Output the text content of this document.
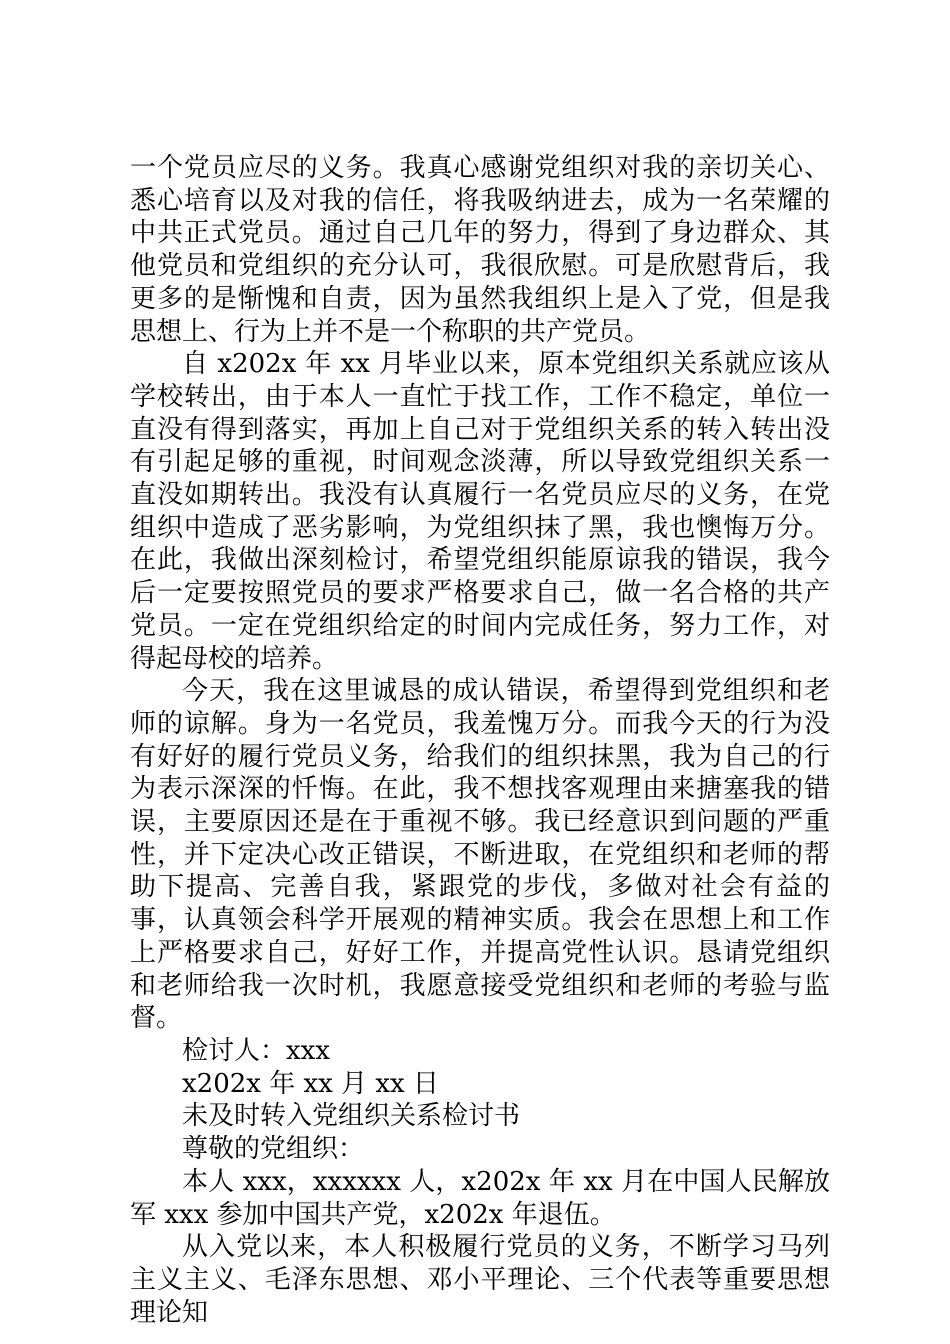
一个党员应尽的义务。我真心感谢党组织对我的亲切关心、悉心培育以及对我的信任，将我吸纳进去，成为一名荣耀的中共正式党员。通过自己几年的努力，得到了身边群众、其他党员和党组织的充分认可，我很欣慰。可是欣慰背后，我更多的是惭愧和自责，因为虽然我组织上是入了党，但是我思想上、行为上并不是一个称职的共产党员。

自 x202x 年 xx 月毕业以来，原本党组织关系就应该从学校转出，由于本人一直忙于找工作，工作不稳定，单位一直没有得到落实，再加上自己对于党组织关系的转入转出没有引起足够的重视，时间观念淡薄，所以导致党组织关系一直没如期转出。我没有认真履行一名党员应尽的义务，在党组织中造成了恶劣影响，为党组织抹了黑，我也懊悔万分。在此，我做出深刻检讨，希望党组织能原谅我的错误，我今后一定要按照党员的要求严格要求自己，做一名合格的共产党员。一定在党组织给定的时间内完成任务，努力工作，对得起母校的培养。

今天，我在这里诚恳的成认错误，希望得到党组织和老师的谅解。身为一名党员，我羞愧万分。而我今天的行为没有好好的履行党员义务，给我们的组织抹黑，我为自己的行为表示深深的忏悔。在此，我不想找客观理由来搪塞我的错误，主要原因还是在于重视不够。我已经意识到问题的严重性，并下定决心改正错误，不断进取，在党组织和老师的帮助下提高、完善自我，紧跟党的步伐，多做对社会有益的事，认真领会科学开展观的精神实质。我会在思想上和工作上严格要求自己，好好工作，并提高党性认识。恳请党组织和老师给我一次时机，我愿意接受党组织和老师的考验与监督。

检讨人：xxx

x202x 年 xx 月 xx 日

未及时转入党组织关系检讨书

尊敬的党组织：

本人 xxx，xxxxxx 人，x202x 年 xx 月在中国人民解放军 xxx 参加中国共产党，x202x 年退伍。

从入党以来，本人积极履行党员的义务，不断学习马列主义主义、毛泽东思想、邓小平理论、三个代表等重要思想理论知
